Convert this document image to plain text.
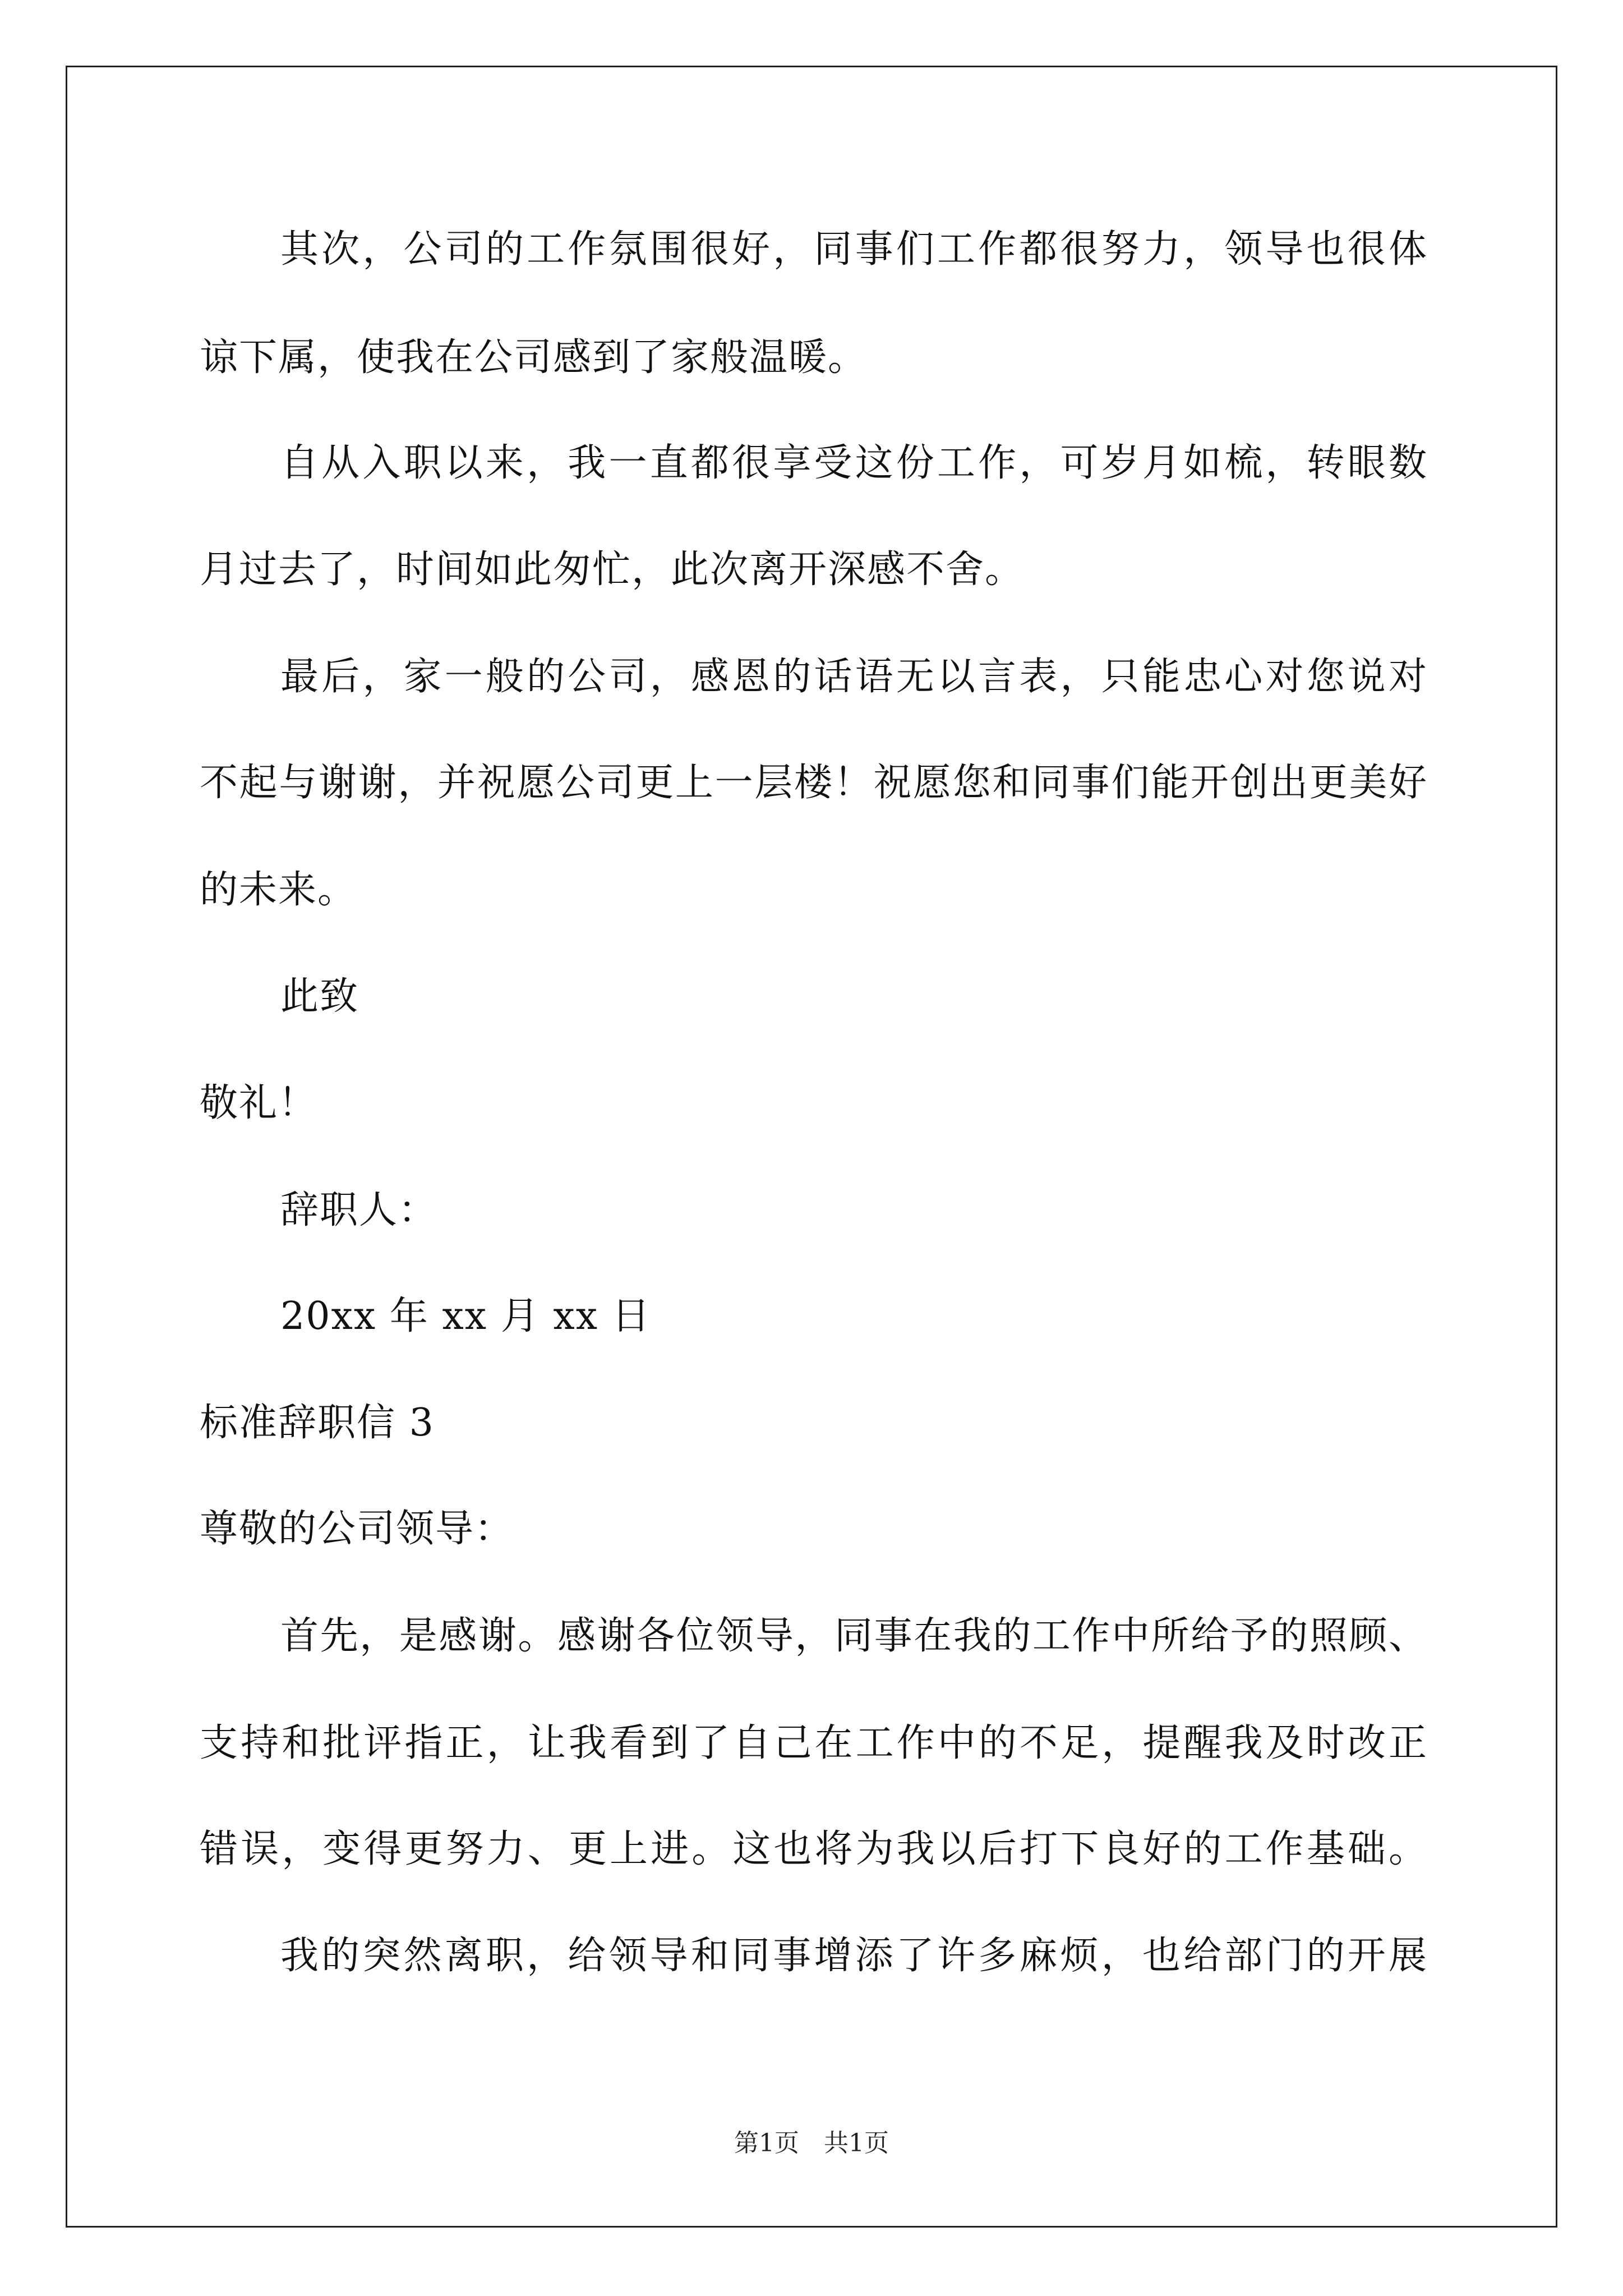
其次，公司的工作氛围很好，同事们工作都很努力，领导也很体
谅下属，使我在公司感到了家般温暖。
自从入职以来，我一直都很享受这份工作，可岁月如梳，转眼数
月过去了，时间如此匆忙，此次离开深感不舍。
最后，家一般的公司，感恩的话语无以言表，只能忠心对您说对
不起与谢谢，并祝愿公司更上一层楼！祝愿您和同事们能开创出更美好
的未来。
此致
敬礼！
辞职人：
20xx 年 xx 月 xx 日
标准辞职信 3
尊敬的公司领导：
首先，是感谢。感谢各位领导，同事在我的工作中所给予的照顾、
支持和批评指正，让我看到了自己在工作中的不足，提醒我及时改正
错误，变得更努力、更上进。这也将为我以后打下良好的工作基础。
我的突然离职，给领导和同事增添了许多麻烦，也给部门的开展
第1页　共1页
